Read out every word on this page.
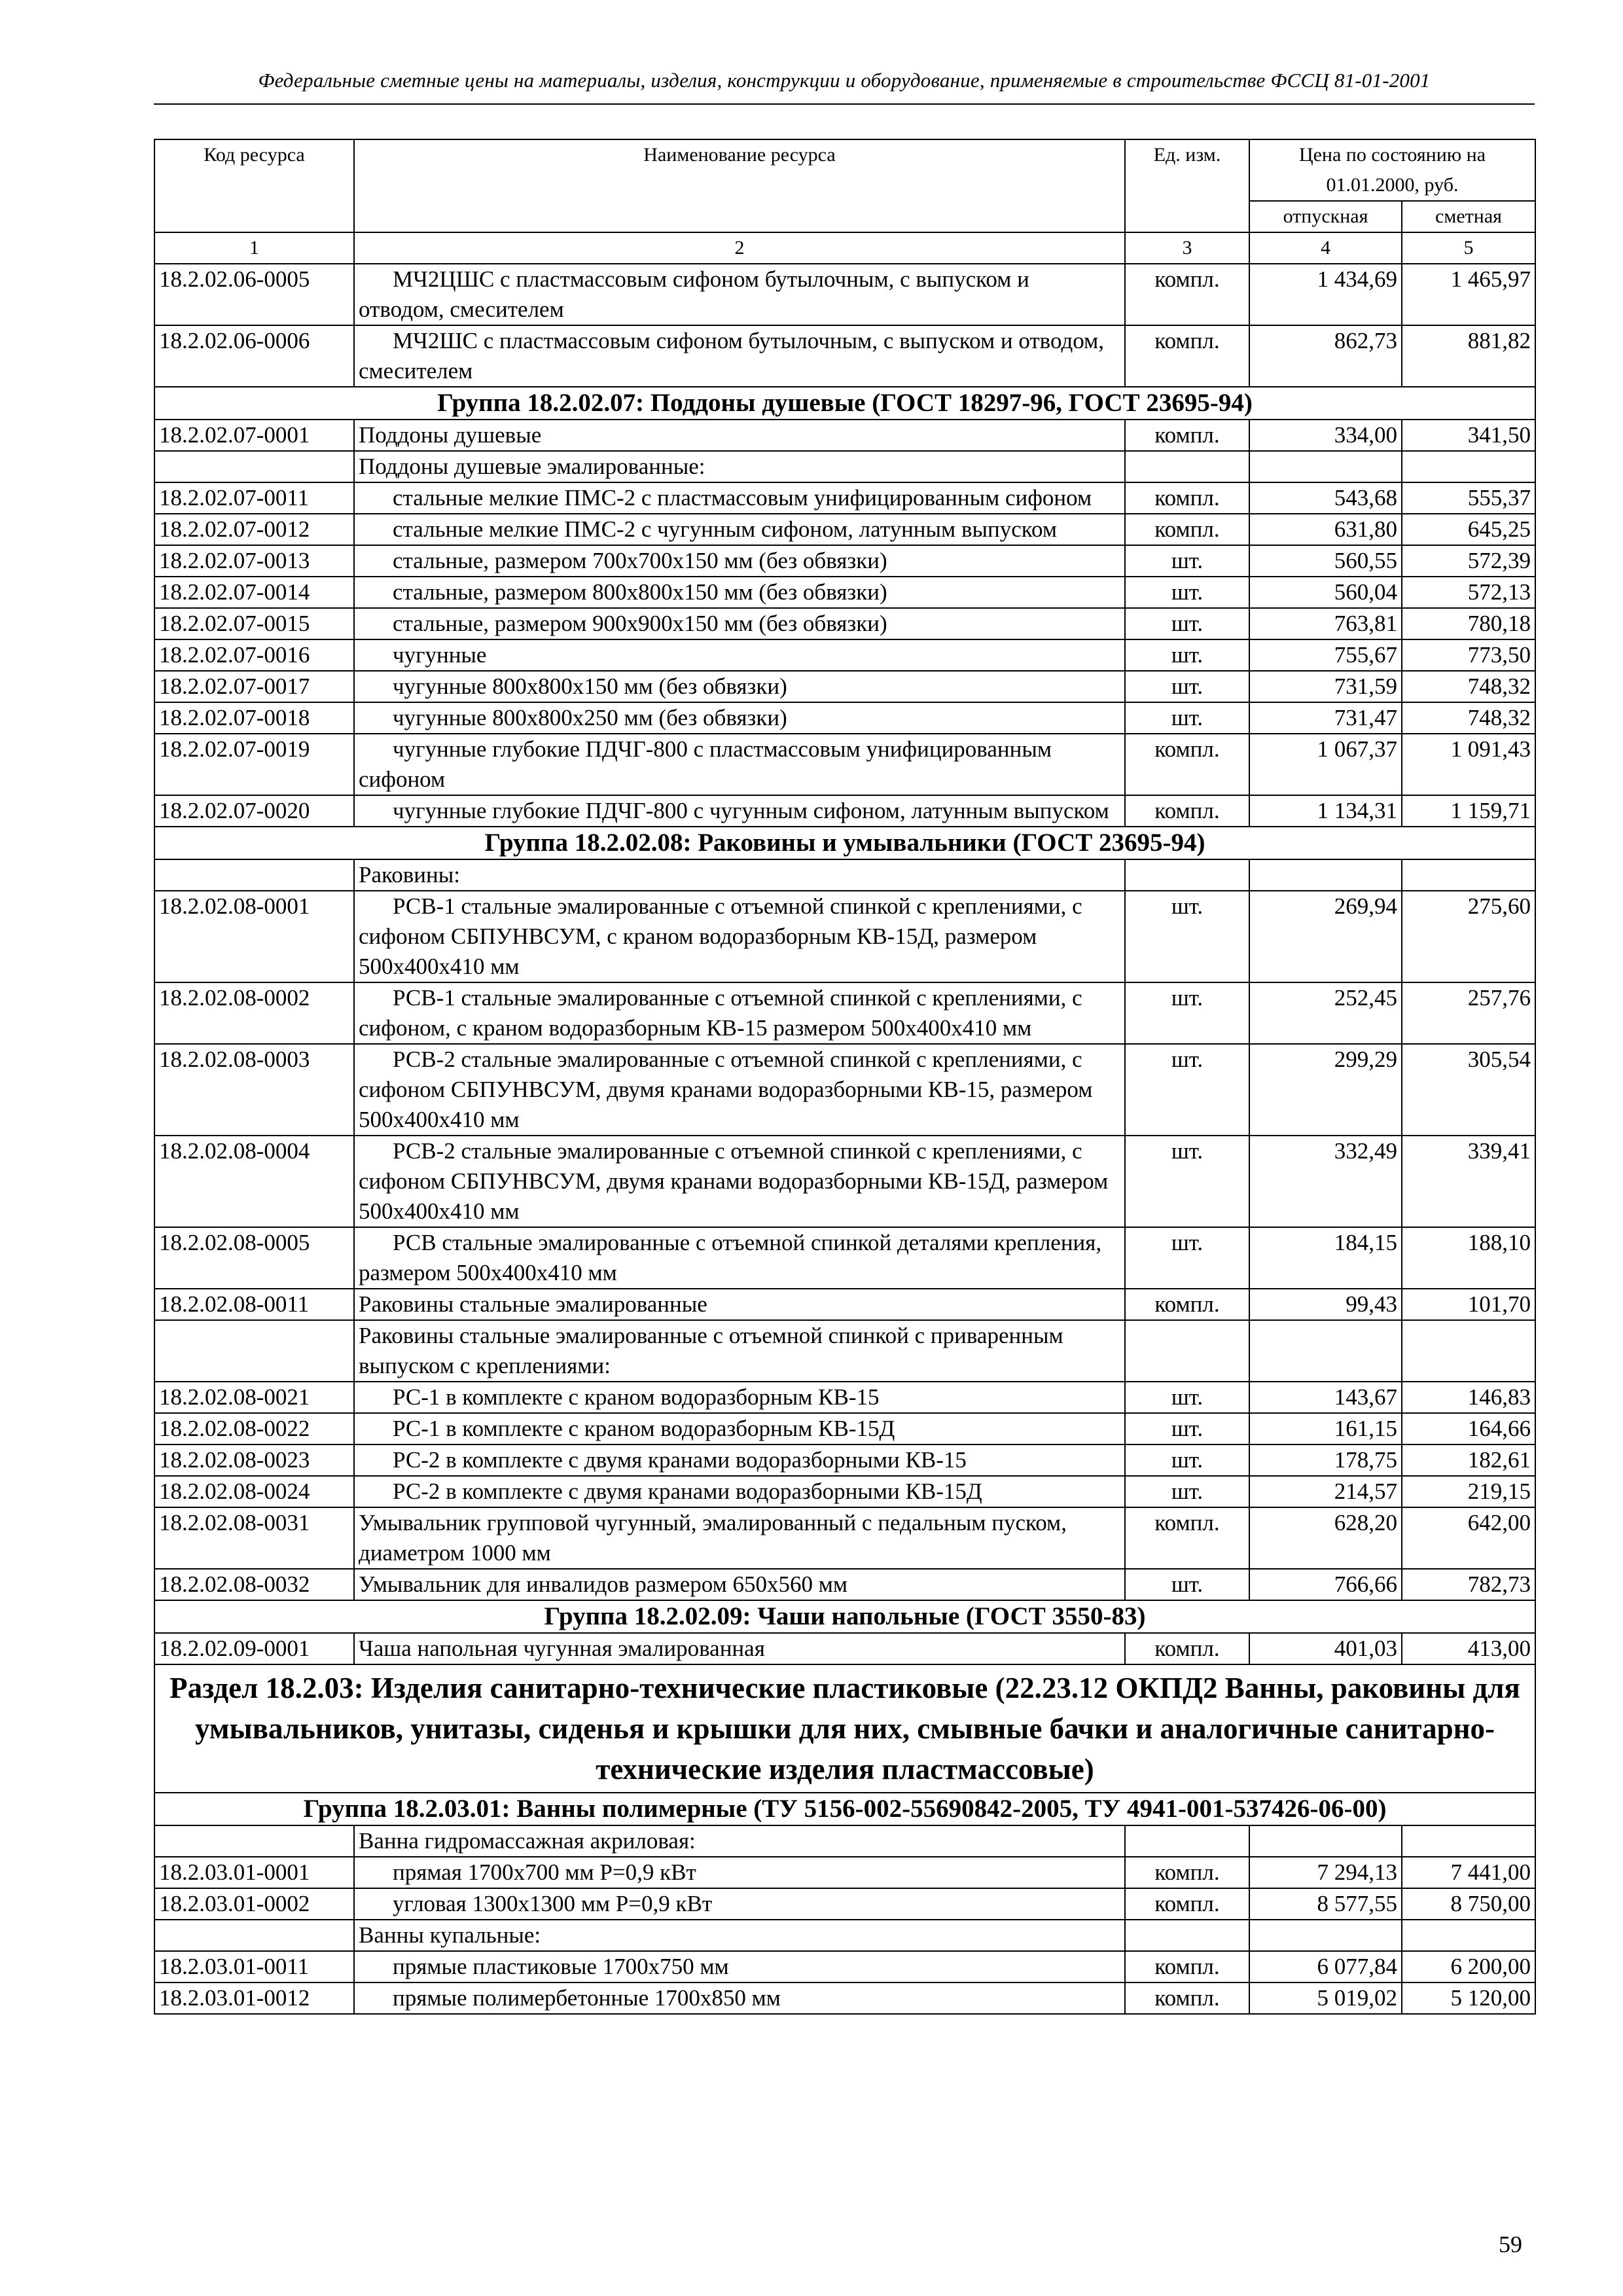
Федеральные сметные цены на материалы, изделия, конструкции и оборудование, применяемые в строительстве ФССЦ 81-01-2001
Код ресурса	Наименование ресурса	Ед. изм.	Цена по состоянию на 01.01.2000, руб.	
			отпускная	сметная
1	2	3	4	5
18.2.02.06-0005	МЧ2ЦШС с пластмассовым сифоном бутылочным, с выпуском и отводом, смесителем	компл.	1 434,69	1 465,97
18.2.02.06-0006	МЧ2ШС с пластмассовым сифоном бутылочным, с выпуском и отводом, смесителем	компл.	862,73	881,82
Группа 18.2.02.07: Поддоны душевые (ГОСТ 18297-96, ГОСТ 23695-94)				
18.2.02.07-0001	Поддоны душевые	компл.	334,00	341,50
	Поддоны душевые эмалированные:			
18.2.02.07-0011	стальные мелкие ПМС-2 с пластмассовым унифицированным сифоном	компл.	543,68	555,37
18.2.02.07-0012	стальные мелкие ПМС-2 с чугунным сифоном, латунным выпуском	компл.	631,80	645,25
18.2.02.07-0013	стальные, размером 700х700х150 мм (без обвязки)	шт.	560,55	572,39
18.2.02.07-0014	стальные, размером 800х800х150 мм (без обвязки)	шт.	560,04	572,13
18.2.02.07-0015	стальные, размером 900х900х150 мм (без обвязки)	шт.	763,81	780,18
18.2.02.07-0016	чугунные	шт.	755,67	773,50
18.2.02.07-0017	чугунные 800х800х150 мм (без обвязки)	шт.	731,59	748,32
18.2.02.07-0018	чугунные 800х800х250 мм (без обвязки)	шт.	731,47	748,32
18.2.02.07-0019	чугунные глубокие ПДЧГ-800 с пластмассовым унифицированным сифоном	компл.	1 067,37	1 091,43
18.2.02.07-0020	чугунные глубокие ПДЧГ-800 с чугунным сифоном, латунным выпуском	компл.	1 134,31	1 159,71
Группа 18.2.02.08: Раковины и умывальники (ГОСТ 23695-94)				
	Раковины:			
18.2.02.08-0001	РСВ-1 стальные эмалированные с отъемной спинкой с креплениями, с сифоном СБПУНВСУМ, с краном водоразборным КВ-15Д, размером 500х400х410 мм	шт.	269,94	275,60
18.2.02.08-0002	РСВ-1 стальные эмалированные с отъемной спинкой с креплениями, с сифоном, с краном водоразборным КВ-15 размером 500х400х410 мм	шт.	252,45	257,76
18.2.02.08-0003	РСВ-2 стальные эмалированные с отъемной спинкой с креплениями, с сифоном СБПУНВСУМ, двумя кранами водоразборными КВ-15, размером 500х400х410 мм	шт.	299,29	305,54
18.2.02.08-0004	РСВ-2 стальные эмалированные с отъемной спинкой с креплениями, с сифоном СБПУНВСУМ, двумя кранами водоразборными КВ-15Д, размером 500х400х410 мм	шт.	332,49	339,41
18.2.02.08-0005	РСВ стальные эмалированные с отъемной спинкой деталями крепления, размером 500х400х410 мм	шт.	184,15	188,10
18.2.02.08-0011	Раковины стальные эмалированные	компл.	99,43	101,70
	Раковины стальные эмалированные с отъемной спинкой с приваренным выпуском с креплениями:			
18.2.02.08-0021	РС-1 в комплекте с краном водоразборным КВ-15	шт.	143,67	146,83
18.2.02.08-0022	РС-1 в комплекте с краном водоразборным КВ-15Д	шт.	161,15	164,66
18.2.02.08-0023	РС-2 в комплекте с двумя кранами водоразборными КВ-15	шт.	178,75	182,61
18.2.02.08-0024	РС-2 в комплекте с двумя кранами водоразборными КВ-15Д	шт.	214,57	219,15
18.2.02.08-0031	Умывальник групповой чугунный, эмалированный с педальным пуском, диаметром 1000 мм	компл.	628,20	642,00
18.2.02.08-0032	Умывальник для инвалидов размером 650х560 мм	шт.	766,66	782,73
Группа 18.2.02.09: Чаши напольные (ГОСТ 3550-83)				
18.2.02.09-0001	Чаша напольная чугунная эмалированная	компл.	401,03	413,00
Раздел 18.2.03: Изделия санитарно-технические пластиковые (22.23.12 ОКПД2 Ванны, раковины для умывальников, унитазы, сиденья и крышки для них, смывные бачки и аналогичные санитарно-технические изделия пластмассовые)				
Группа 18.2.03.01: Ванны полимерные (ТУ 5156-002-55690842-2005, ТУ 4941-001-537426-06-00)				
	Ванна гидромассажная акриловая:			
18.2.03.01-0001	прямая 1700х700 мм Р=0,9 кВт	компл.	7 294,13	7 441,00
18.2.03.01-0002	угловая 1300х1300 мм Р=0,9 кВт	компл.	8 577,55	8 750,00
	Ванны купальные:			
18.2.03.01-0011	прямые пластиковые 1700х750 мм	компл.	6 077,84	6 200,00
18.2.03.01-0012	прямые полимербетонные 1700х850 мм	компл.	5 019,02	5 120,00
59
